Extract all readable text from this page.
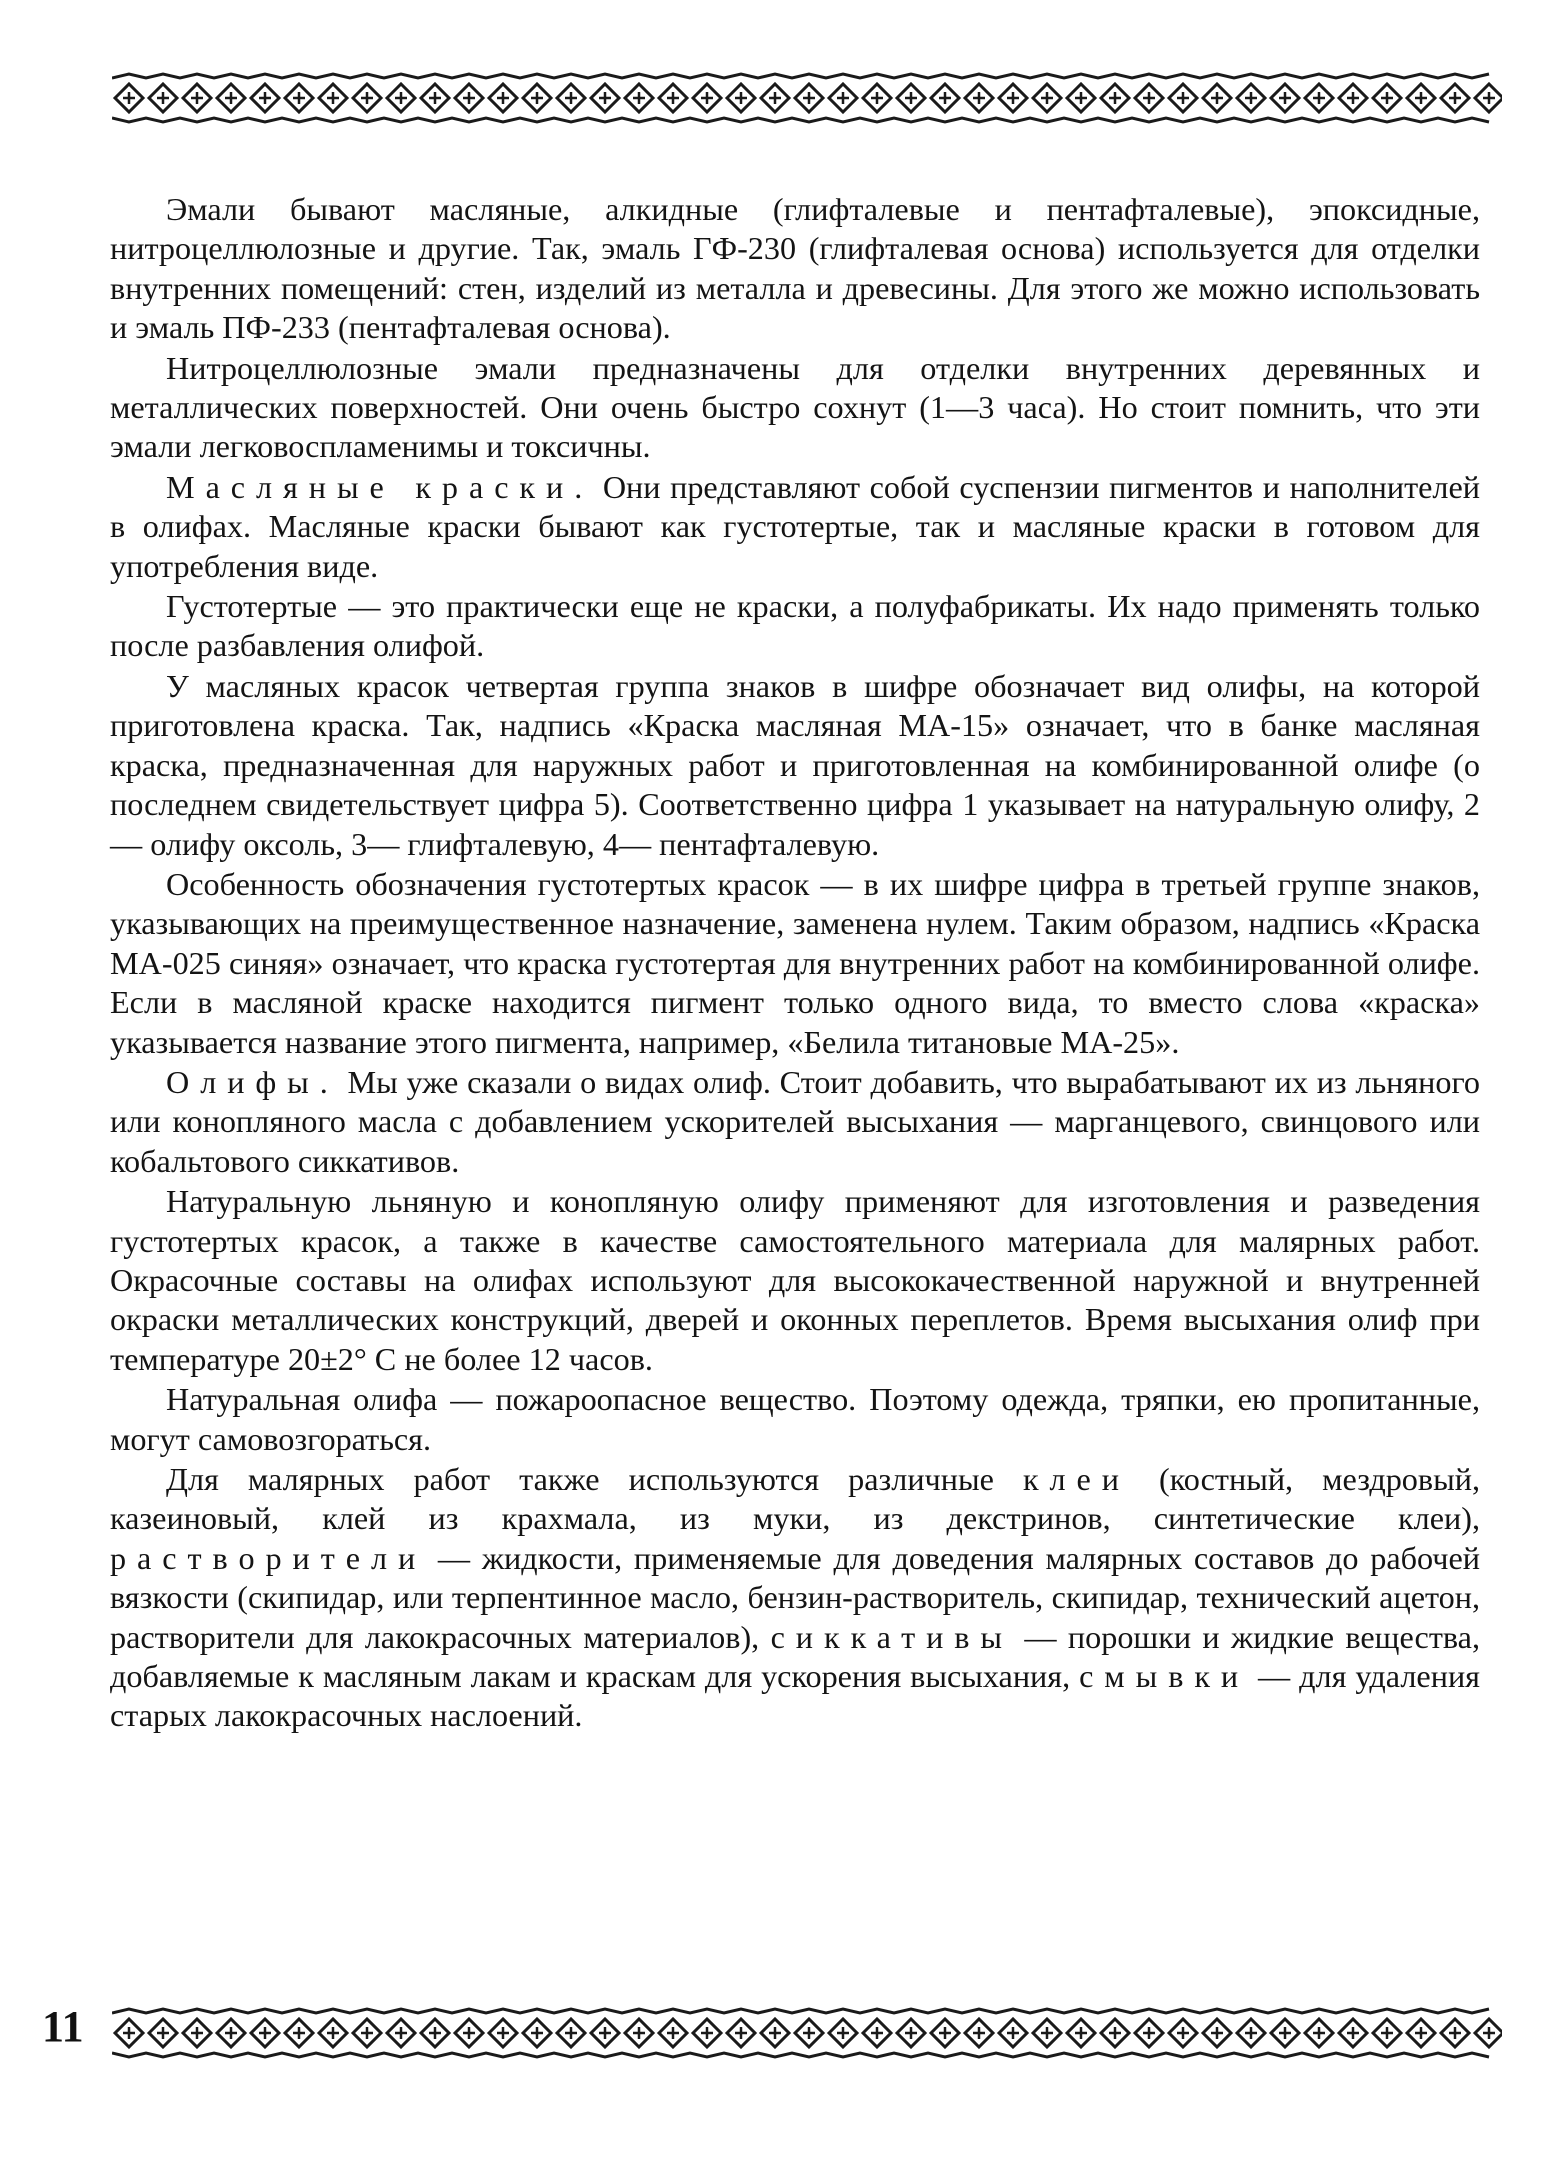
Эмали бывают масляные, алкидные (глифталевые и пентафталевые), эпоксидные, нитроцеллюлозные и другие. Так, эмаль ГФ-230 (глифталевая основа) используется для отделки внутренних помещений: стен, изделий из металла и древесины. Для этого же можно использовать и эмаль ПФ-233 (пентафталевая основа).

Нитроцеллюлозные эмали предназначены для отделки внутренних деревянных и металлических поверхностей. Они очень быстро сохнут (1—3 часа). Но стоит помнить, что эти эмали легковоспламенимы и токсичны.

Масляные краски. Они представляют собой суспензии пигментов и наполнителей в олифах. Масляные краски бывают как густотертые, так и масляные краски в готовом для употребления виде.

Густотертые — это практически еще не краски, а полуфабрикаты. Их надо применять только после разбавления олифой.

У масляных красок четвертая группа знаков в шифре обозначает вид олифы, на которой приготовлена краска. Так, надпись «Краска масляная МА-15» означает, что в банке масляная краска, предназначенная для наружных работ и приготовленная на комбинированной олифе (о последнем свидетельствует цифра 5). Соответственно цифра 1 указывает на натуральную олифу, 2— олифу оксоль, 3— глифталевую, 4— пентафталевую.

Особенность обозначения густотертых красок — в их шифре цифра в третьей группе знаков, указывающих на преимущественное назначение, заменена нулем. Таким образом, надпись «Краска МА-025 синяя» означает, что краска густотертая для внутренних работ на комбинированной олифе. Если в масляной краске находится пигмент только одного вида, то вместо слова «краска» указывается название этого пигмента, например, «Белила титановые МА-25».

Олифы. Мы уже сказали о видах олиф. Стоит добавить, что вырабатывают их из льняного или конопляного масла с добавлением ускорителей высыхания — марганцевого, свинцового или кобальтового сиккативов.

Натуральную льняную и конопляную олифу применяют для изготовления и разведения густотертых красок, а также в качестве самостоятельного материала для малярных работ. Окрасочные составы на олифах используют для высококачественной наружной и внутренней окраски металлических конструкций, дверей и оконных переплетов. Время высыхания олиф при температуре 20±2° С не более 12 часов.

Натуральная олифа — пожароопасное вещество. Поэтому одежда, тряпки, ею пропитанные, могут самовозгораться.

Для малярных работ также используются различные клеи (костный, мездровый, казеиновый, клей из крахмала, из муки, из декстринов, синтетические клеи), растворители — жидкости, применяемые для доведения малярных составов до рабочей вязкости (скипидар, или терпентинное масло, бензин-растворитель, скипидар, технический ацетон, растворители для лакокрасочных материалов), сиккативы — порошки и жидкие вещества, добавляемые к масляным лакам и краскам для ускорения высыхания, смывки — для удаления старых лакокрасочных наслоений.

11
